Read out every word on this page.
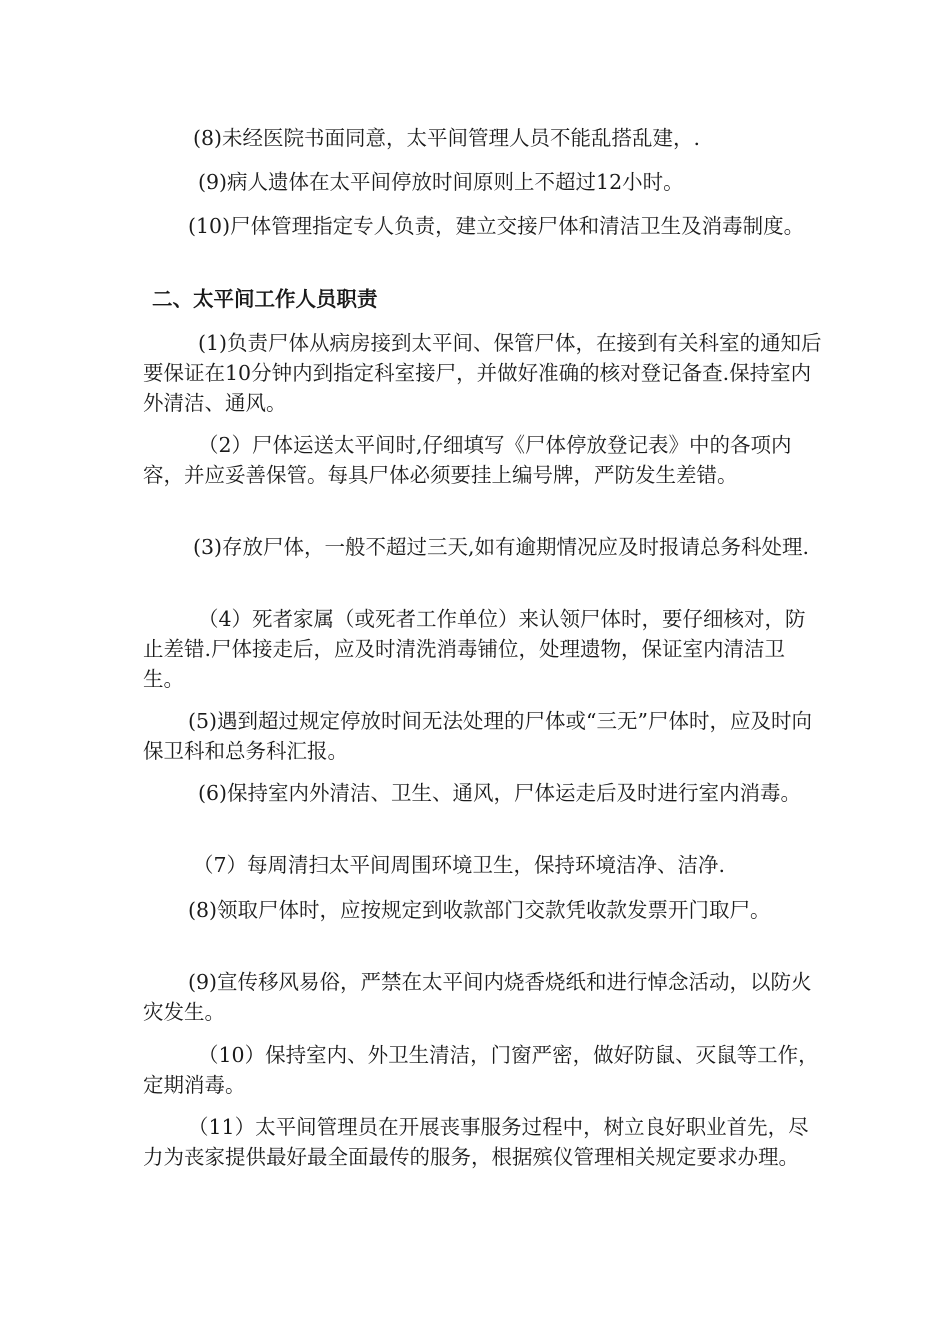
(8)未经医院书面同意，太平间管理人员不能乱搭乱建，.

(9)病人遗体在太平间停放时间原则上不超过12小时。

(10)尸体管理指定专人负责，建立交接尸体和清洁卫生及消毒制度。

二、太平间工作人员职责

(1)负责尸体从病房接到太平间、保管尸体，在接到有关科室的通知后要保证在10分钟内到指定科室接尸，并做好准确的核对登记备查.保持室内外清洁、通风。

（2）尸体运送太平间时,仔细填写《尸体停放登记表》中的各项内容，并应妥善保管。每具尸体必须要挂上编号牌，严防发生差错。

(3)存放尸体，一般不超过三天,如有逾期情况应及时报请总务科处理.

（4）死者家属（或死者工作单位）来认领尸体时，要仔细核对，防止差错.尸体接走后，应及时清洗消毒铺位，处理遗物，保证室内清洁卫生。

(5)遇到超过规定停放时间无法处理的尸体或“三无”尸体时，应及时向保卫科和总务科汇报。

(6)保持室内外清洁、卫生、通风，尸体运走后及时进行室内消毒。

（7）每周清扫太平间周围环境卫生，保持环境洁净、洁净.

(8)领取尸体时，应按规定到收款部门交款凭收款发票开门取尸。

(9)宣传移风易俗，严禁在太平间内烧香烧纸和进行悼念活动，以防火灾发生。

（10）保持室内、外卫生清洁，门窗严密，做好防鼠、灭鼠等工作，定期消毒。

（11）太平间管理员在开展丧事服务过程中，树立良好职业首先，尽力为丧家提供最好最全面最传的服务，根据殡仪管理相关规定要求办理。
